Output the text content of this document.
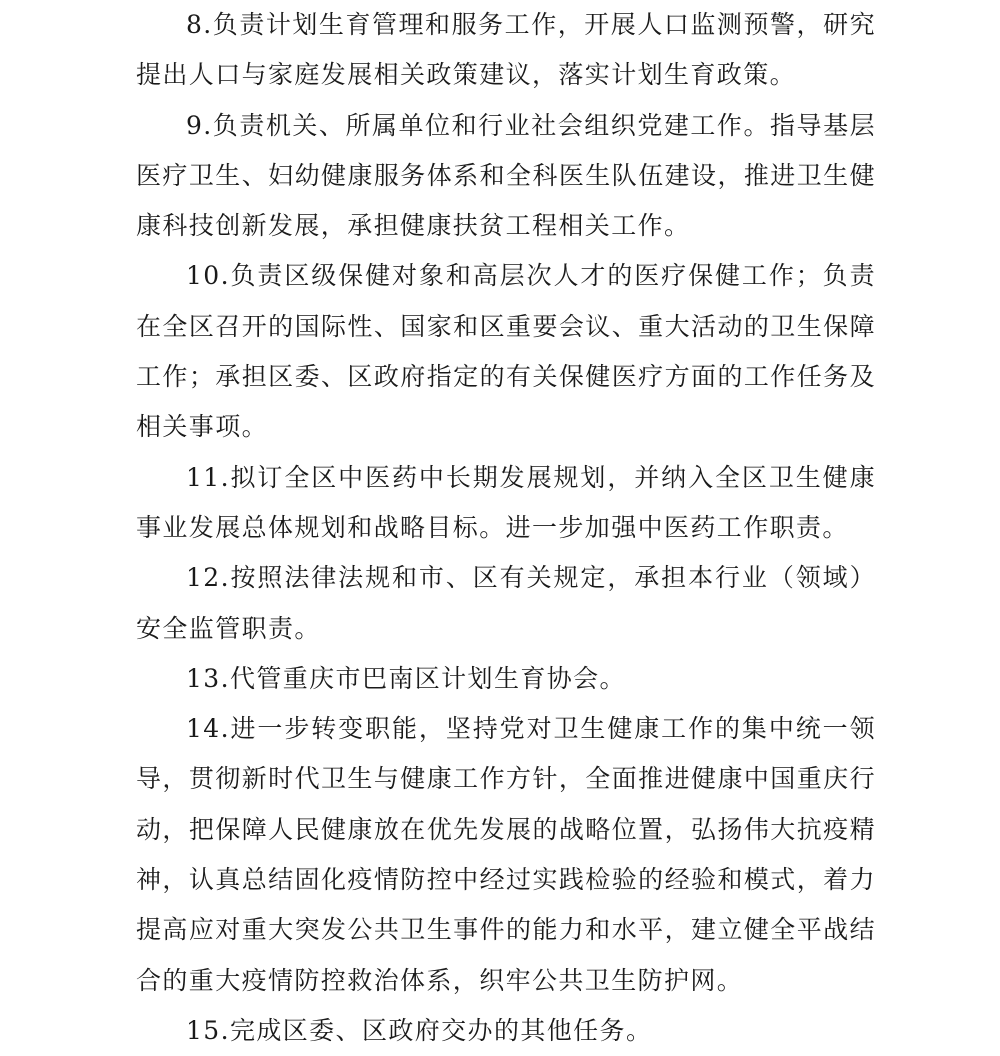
8.负责计划生育管理和服务工作，开展人口监测预警，研究提出人口与家庭发展相关政策建议，落实计划生育政策。

9.负责机关、所属单位和行业社会组织党建工作。指导基层医疗卫生、妇幼健康服务体系和全科医生队伍建设，推进卫生健康科技创新发展，承担健康扶贫工程相关工作。

10.负责区级保健对象和高层次人才的医疗保健工作；负责在全区召开的国际性、国家和区重要会议、重大活动的卫生保障工作；承担区委、区政府指定的有关保健医疗方面的工作任务及相关事项。

11.拟订全区中医药中长期发展规划，并纳入全区卫生健康事业发展总体规划和战略目标。进一步加强中医药工作职责。

12.按照法律法规和市、区有关规定，承担本行业（领域）安全监管职责。

13.代管重庆市巴南区计划生育协会。

14.进一步转变职能，坚持党对卫生健康工作的集中统一领导，贯彻新时代卫生与健康工作方针，全面推进健康中国重庆行动，把保障人民健康放在优先发展的战略位置，弘扬伟大抗疫精神，认真总结固化疫情防控中经过实践检验的经验和模式，着力提高应对重大突发公共卫生事件的能力和水平，建立健全平战结合的重大疫情防控救治体系，织牢公共卫生防护网。

15.完成区委、区政府交办的其他任务。
